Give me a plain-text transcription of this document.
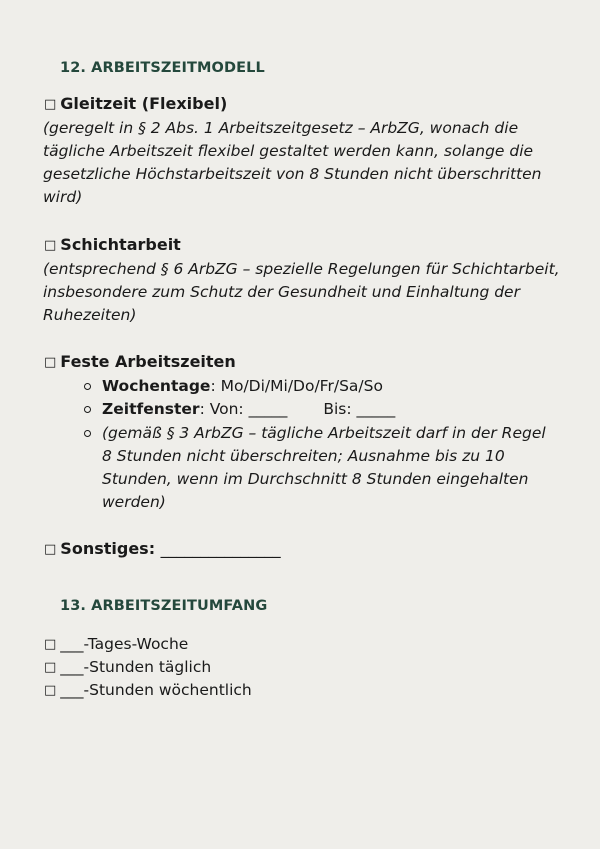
12. ARBEITSZEITMODELL
□ Gleitzeit (Flexibel)
(geregelt in § 2 Abs. 1 Arbeitszeitgesetz – ArbZG, wonach die tägliche Arbeitszeit flexibel gestaltet werden kann, solange die gesetzliche Höchstarbeitszeit von 8 Stunden nicht überschritten wird)
□ Schichtarbeit
(entsprechend § 6 ArbZG – spezielle Regelungen für Schichtarbeit, insbesondere zum Schutz der Gesundheit und Einhaltung der Ruhezeiten)
□ Feste Arbeitszeiten
Wochentage: Mo/Di/Mi/Do/Fr/Sa/So
Zeitfenster: Von: _____ Bis: _____
(gemäß § 3 ArbZG – tägliche Arbeitszeit darf in der Regel 8 Stunden nicht überschreiten; Ausnahme bis zu 10 Stunden, wenn im Durchschnitt 8 Stunden eingehalten werden)
□ Sonstiges: _______________
13. ARBEITSZEITUMFANG
□ ___-Tages-Woche
□ ___-Stunden täglich
□ ___-Stunden wöchentlich
